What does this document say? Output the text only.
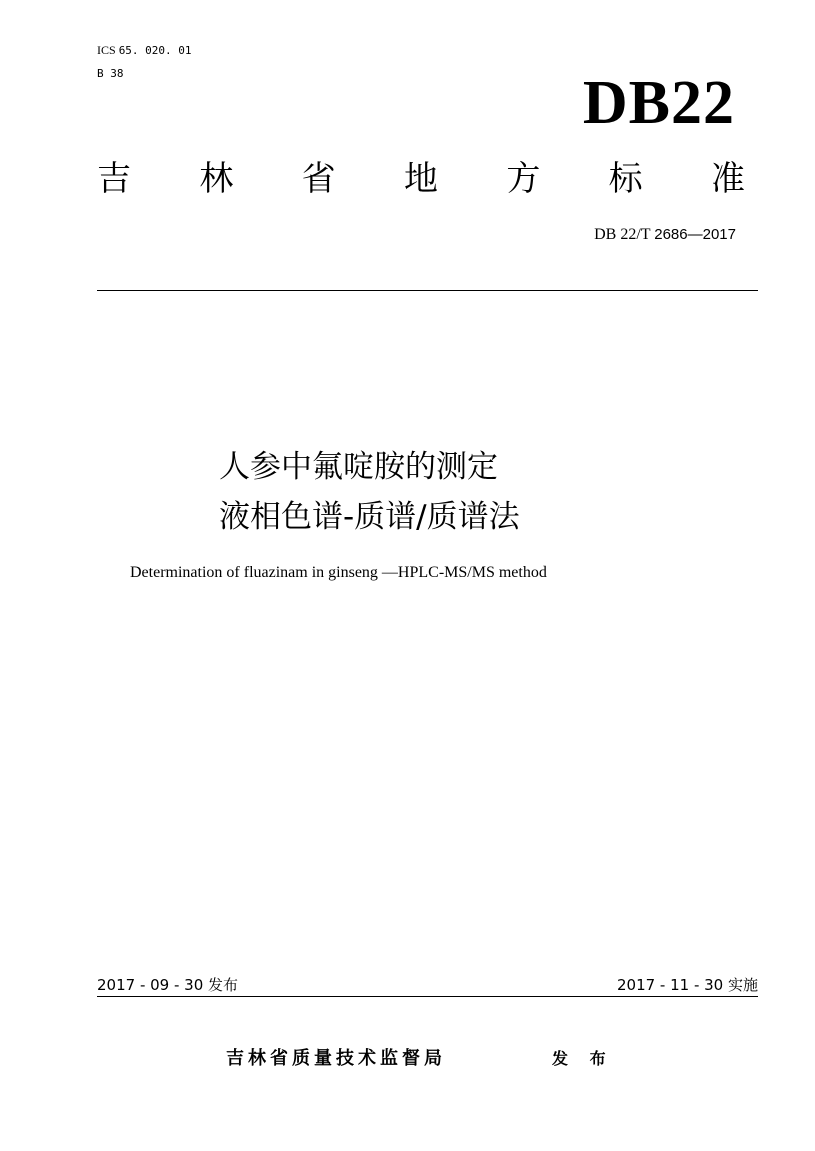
ICS 65. 020. 01
B 38	DB22
吉 林 省 地 方 标 准
DB 22/T 2686—2017
人参中氟啶胺的测定
液相色谱-质谱/质谱法
Determination of fluazinam in ginseng —HPLC-MS/MS method
2017 - 09 - 30 发布	2017 - 11 - 30 实施
吉林省质量技术监督局	发 布
